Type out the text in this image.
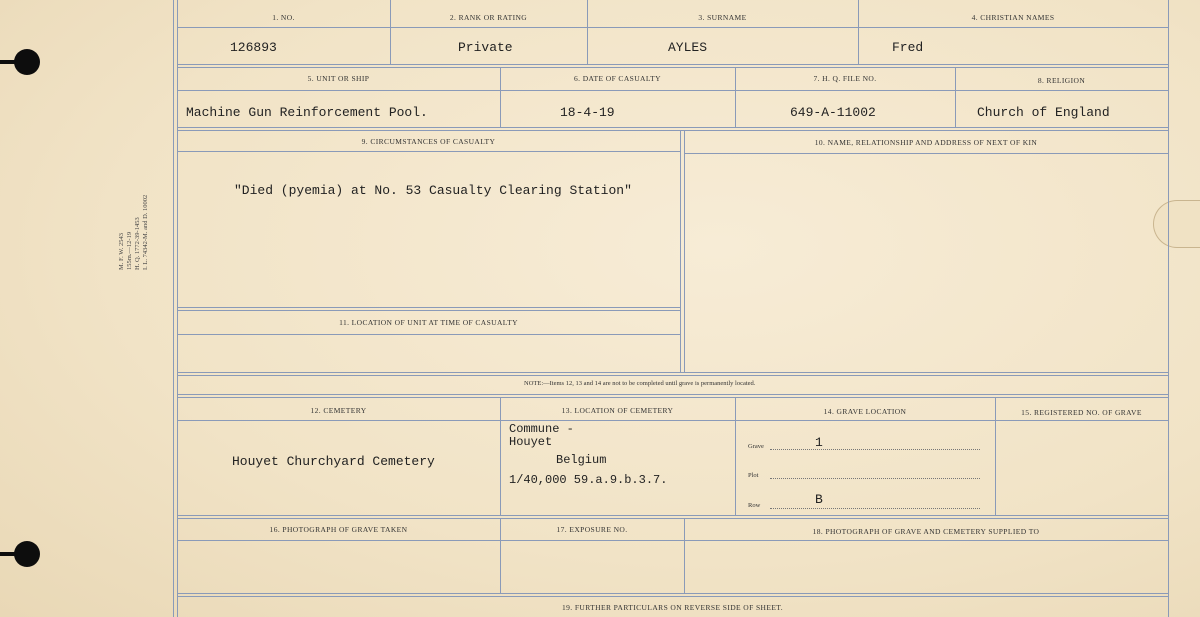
M. F. W. 2543 155m.—12-19 H. Q. 1772-39-1453 I. L. 74342-M. and D. 10002
1. NO.	2. RANK OR RATING	3. SURNAME	4. CHRISTIAN NAMES
126893	Private	AYLES	Fred
5. UNIT OR SHIP	6. DATE OF CASUALTY	7. H. Q. FILE NO.	8. RELIGION
Machine Gun Reinforcement Pool.	18-4-19	649-A-11002	Church of England
9. CIRCUMSTANCES OF CASUALTY	10. NAME, RELATIONSHIP AND ADDRESS OF NEXT OF KIN
"Died (pyemia) at No. 53 Casualty Clearing Station"
11. LOCATION OF UNIT AT TIME OF CASUALTY
NOTE:—Items 12, 13 and 14 are not to be completed until grave is permanently located.
12. CEMETERY	13. LOCATION OF CEMETERY	14. GRAVE LOCATION	15. REGISTERED NO. OF GRAVE
Houyet Churchyard Cemetery
Commune -
Houyet
Belgium
1/40,000 59.a.9.b.3.7.
Grave	1
Plot
Row	B
16. PHOTOGRAPH OF GRAVE TAKEN	17. EXPOSURE NO.	18. PHOTOGRAPH OF GRAVE AND CEMETERY SUPPLIED TO
19. FURTHER PARTICULARS ON REVERSE SIDE OF SHEET.
